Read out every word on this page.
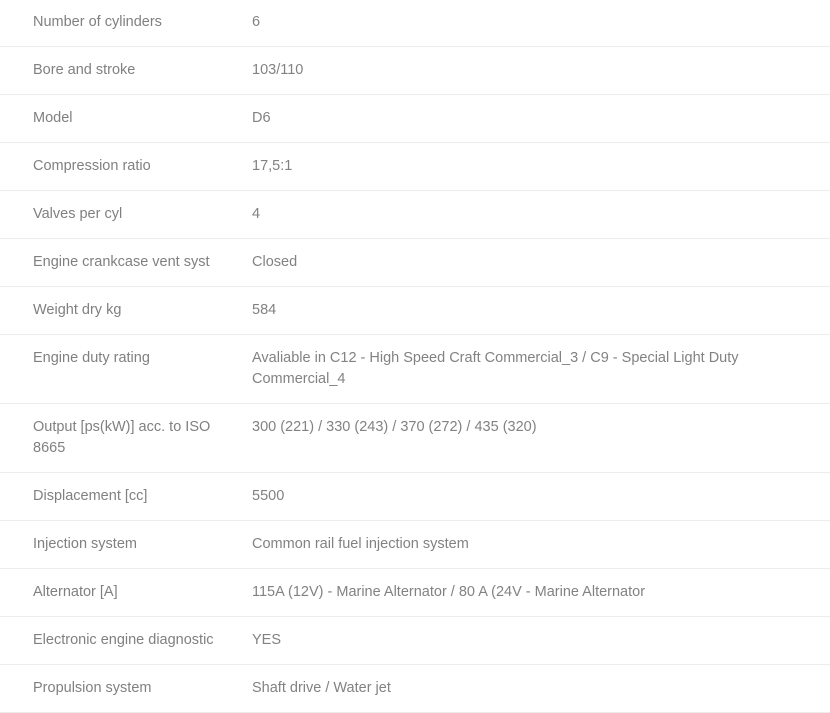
Number of cylinders	6
Bore and stroke	103/110
Model	D6
Compression ratio	17,5:1
Valves per cyl	4
Engine crankcase vent syst	Closed
Weight dry kg	584
Engine duty rating	Avaliable in C12 - High Speed Craft Commercial_3 / C9 - Special Light Duty Commercial_4
Output [ps(kW)] acc. to ISO 8665	300 (221) / 330 (243) / 370 (272) / 435 (320)
Displacement [cc]	5500
Injection system	Common rail fuel injection system
Alternator [A]	115A (12V) - Marine Alternator / 80 A (24V - Marine Alternator
Electronic engine diagnostic	YES
Propulsion system	Shaft drive / Water jet
